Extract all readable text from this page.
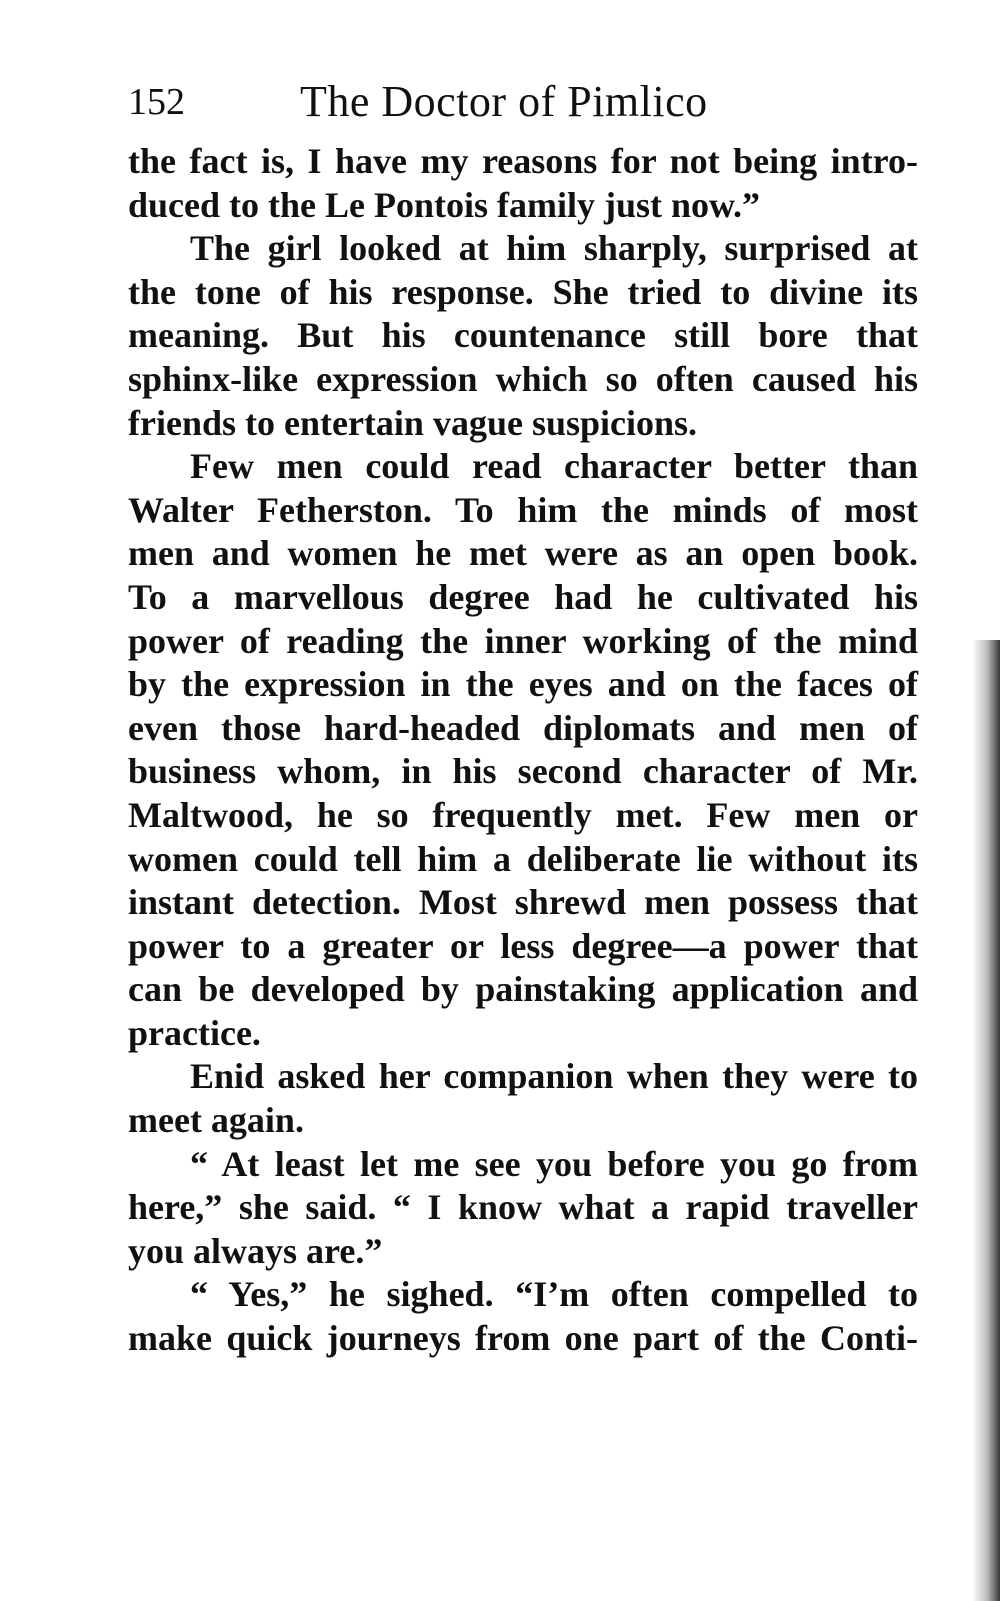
152	The Doctor of Pimlico
the fact is, I have my reasons for not being intro-
duced to the Le Pontois family just now.”
The girl looked at him sharply, surprised at
the tone of his response. She tried to divine its
meaning. But his countenance still bore that
sphinx-like expression which so often caused his
friends to entertain vague suspicions.
Few men could read character better than
Walter Fetherston. To him the minds of most
men and women he met were as an open book.
To a marvellous degree had he cultivated his
power of reading the inner working of the mind
by the expression in the eyes and on the faces of
even those hard-headed diplomats and men of
business whom, in his second character of Mr.
Maltwood, he so frequently met. Few men or
women could tell him a deliberate lie without its
instant detection. Most shrewd men possess that
power to a greater or less degree—a power that
can be developed by painstaking application and
practice.
Enid asked her companion when they were to
meet again.
“ At least let me see you before you go from
here,” she said. “ I know what a rapid traveller
you always are.”
“ Yes,” he sighed. “I’m often compelled to
make quick journeys from one part of the Conti-
